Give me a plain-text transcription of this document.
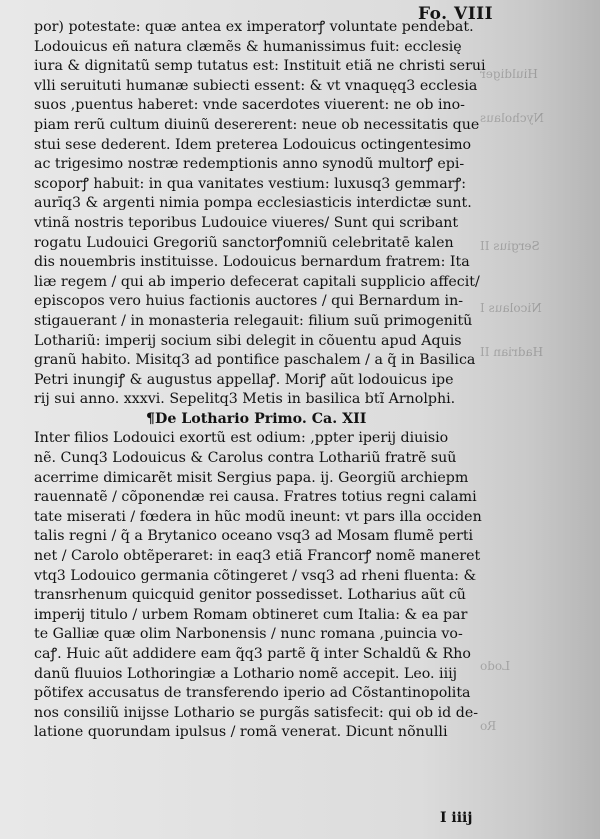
Hiuldiger
Nycholaus
Sergius II
Nicolaus I
Hadrian II
Lodo
Ro
Fo. VIII
por) potestate: quæ antea ex imperatorꝭ voluntate pendebat.
Lodouicus eñ natura clæmẽs & humanissimus fuit: ecclesię
iura & dignitatũ semp tutatus est: Instituit etiã ne christi serui
vlli seruituti humanæ subiecti essent: & vt vnaquęq3 ecclesia
suos ,puentus haberet: vnde sacerdotes viuerent: ne ob ino-
piam rerũ cultum diuinũ desererent: neue ob necessitatis que
stui sese dederent. Idem preterea Lodouicus octingentesimo
ac trigesimo nostræ redemptionis anno synodũ multorꝭ epi-
scoporꝭ habuit: in qua vanitates vestium: luxusq3 gemmarꝭ:
aurīq3 & argenti nimia pompa ecclesiasticis interdictæ sunt.
vtinã nostris teporibus Ludouice viueres/ Sunt qui scribant
rogatu Ludouici Gregoriũ sanctorꝭomniũ celebritatē kalen
dis nouembris instituisse. Lodouicus bernardum fratrem: Ita
liæ regem / qui ab imperio defecerat capitali supplicio affecit/
episcopos vero huius factionis auctores / qui Bernardum in-
stigauerant / in monasteria relegauit: filium suũ primogenitũ
Lothariũ: imperij socium sibi delegit in cõuentu apud Aquis
granũ habito. Misitq3 ad pontifice paschalem / a q̃ in Basilica
Petri inungiꝭ & augustus appellaꝭ. Moriꝭ aũt lodouicus ipe
rij sui anno. xxxvi. Sepelitq3 Metis in basilica btĩ Arnolphi.
¶De Lothario Primo. Ca. XII
Inter filios Lodouici exortũ est odium: ,ppter iperij diuisio
nẽ. Cunq3 Lodouicus & Carolus contra Lothariũ fratrẽ suũ
acerrime dimicarẽt misit Sergius papa. ij. Georgiũ archiepm
rauennatẽ / cõponendæ rei causa. Fratres totius regni calami
tate miserati / fœdera in hũc modũ ineunt: vt pars illa occiden
talis regni / q̃ a Brytanico oceano vsq3 ad Mosam flumẽ perti
net / Carolo obtẽperaret: in eaq3 etiã Francorꝭ nomẽ maneret
vtq3 Lodouico germania cõtingeret / vsq3 ad rheni fluenta: &
transrhenum quicquid genitor possedisset. Lotharius aũt cũ
imperij titulo / urbem Romam obtineret cum Italia: & ea par
te Galliæ quæ olim Narbonensis / nunc romana ,puincia vo-
caꝭ. Huic aũt addidere eam q̃q3 partẽ q̃ inter Schaldũ & Rho
danũ fluuios Lothoringiæ a Lothario nomẽ accepit. Leo. iiij
põtifex accusatus de transferendo iperio ad Cõstantinopolita
nos consiliũ inijsse Lothario se purgãs satisfecit: qui ob id de-
latione quorundam ipulsus / romã venerat. Dicunt nõnulli
I iiij
